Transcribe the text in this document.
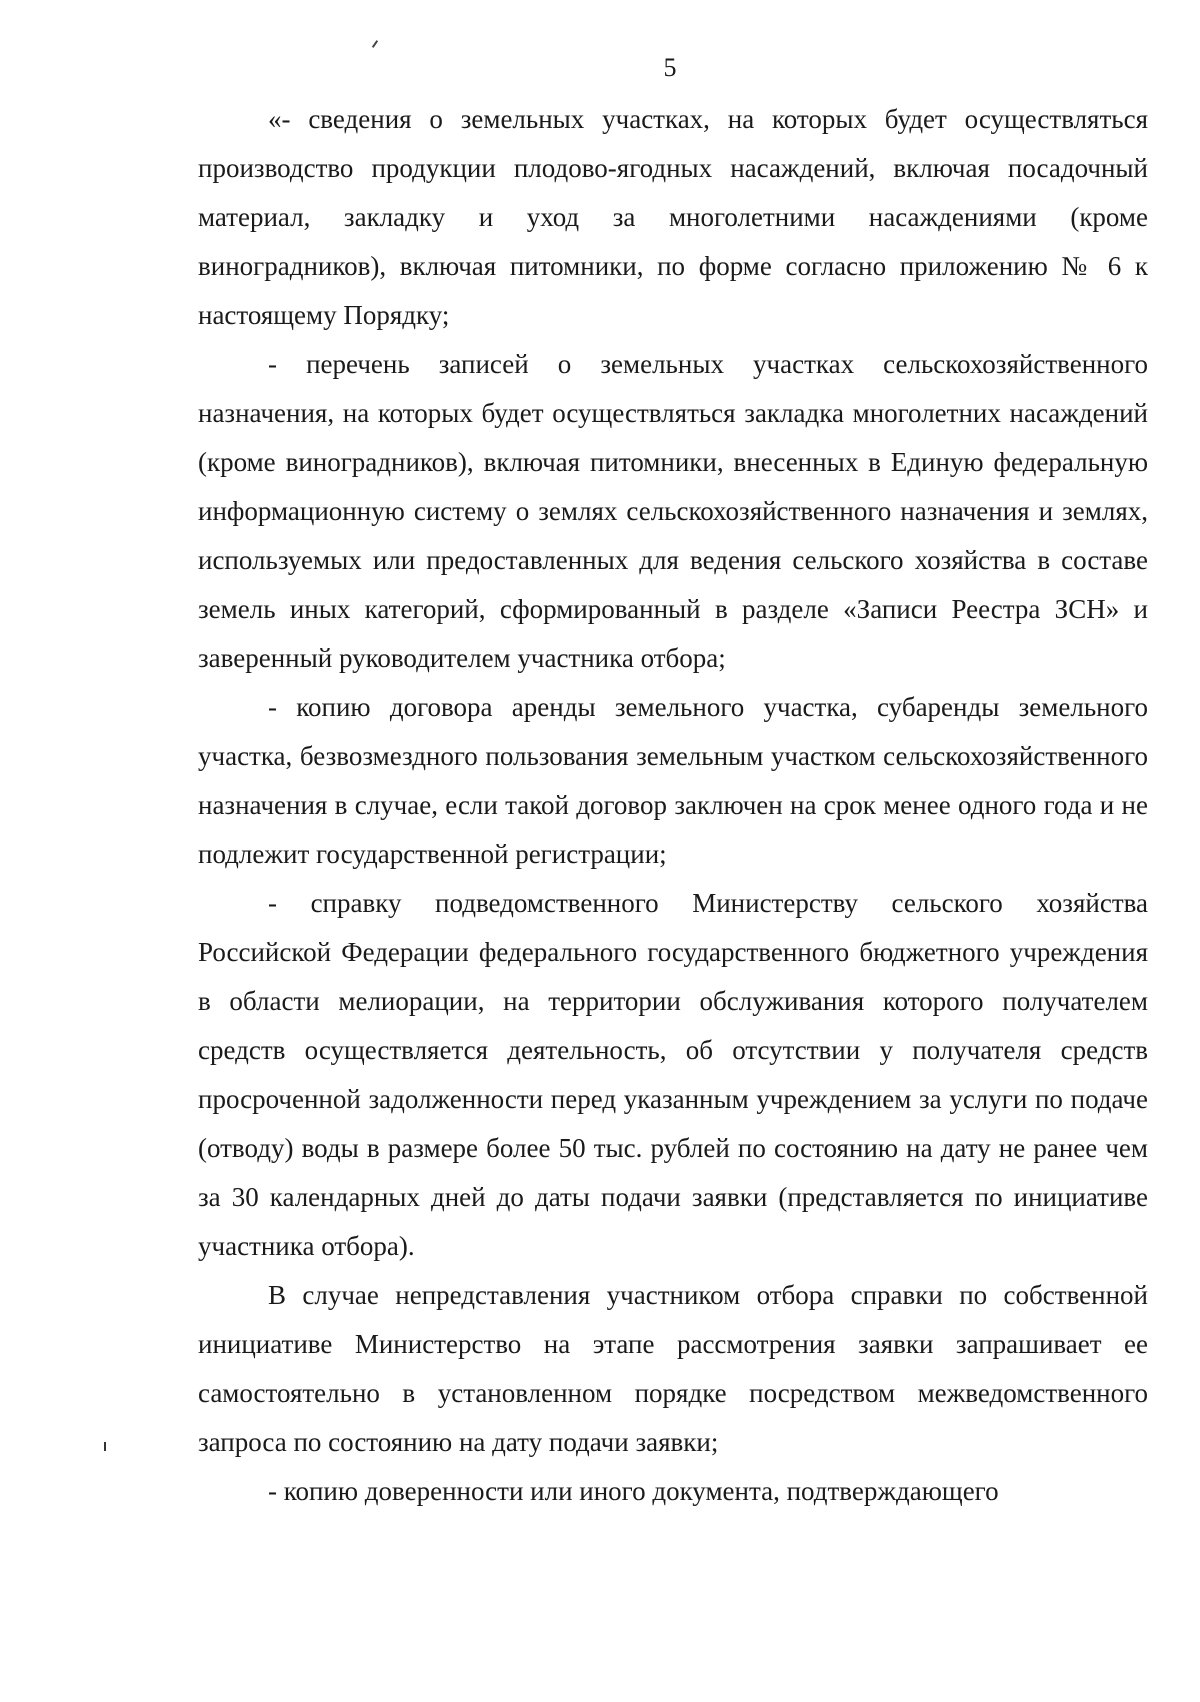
5

«- сведения о земельных участках, на которых будет осуществляться производство продукции плодово-ягодных насаждений, включая посадочный материал, закладку и уход за многолетними насаждениями (кроме виноградников), включая питомники, по форме согласно приложению № 6 к настоящему Порядку;

- перечень записей о земельных участках сельскохозяйственного назначения, на которых будет осуществляться закладка многолетних насаждений (кроме виноградников), включая питомники, внесенных в Единую федеральную информационную систему о землях сельскохозяйственного назначения и землях, используемых или предоставленных для ведения сельского хозяйства в составе земель иных категорий, сформированный в разделе «Записи Реестра ЗСН» и заверенный руководителем участника отбора;

- копию договора аренды земельного участка, субаренды земельного участка, безвозмездного пользования земельным участком сельскохозяйственного назначения в случае, если такой договор заключен на срок менее одного года и не подлежит государственной регистрации;

- справку подведомственного Министерству сельского хозяйства Российской Федерации федерального государственного бюджетного учреждения в области мелиорации, на территории обслуживания которого получателем средств осуществляется деятельность, об отсутствии у получателя средств просроченной задолженности перед указанным учреждением за услуги по подаче (отводу) воды в размере более 50 тыс. рублей по состоянию на дату не ранее чем за 30 календарных дней до даты подачи заявки (представляется по инициативе участника отбора).

В случае непредставления участником отбора справки по собственной инициативе Министерство на этапе рассмотрения заявки запрашивает ее самостоятельно в установленном порядке посредством межведомственного запроса по состоянию на дату подачи заявки;

- копию доверенности или иного документа, подтверждающего
